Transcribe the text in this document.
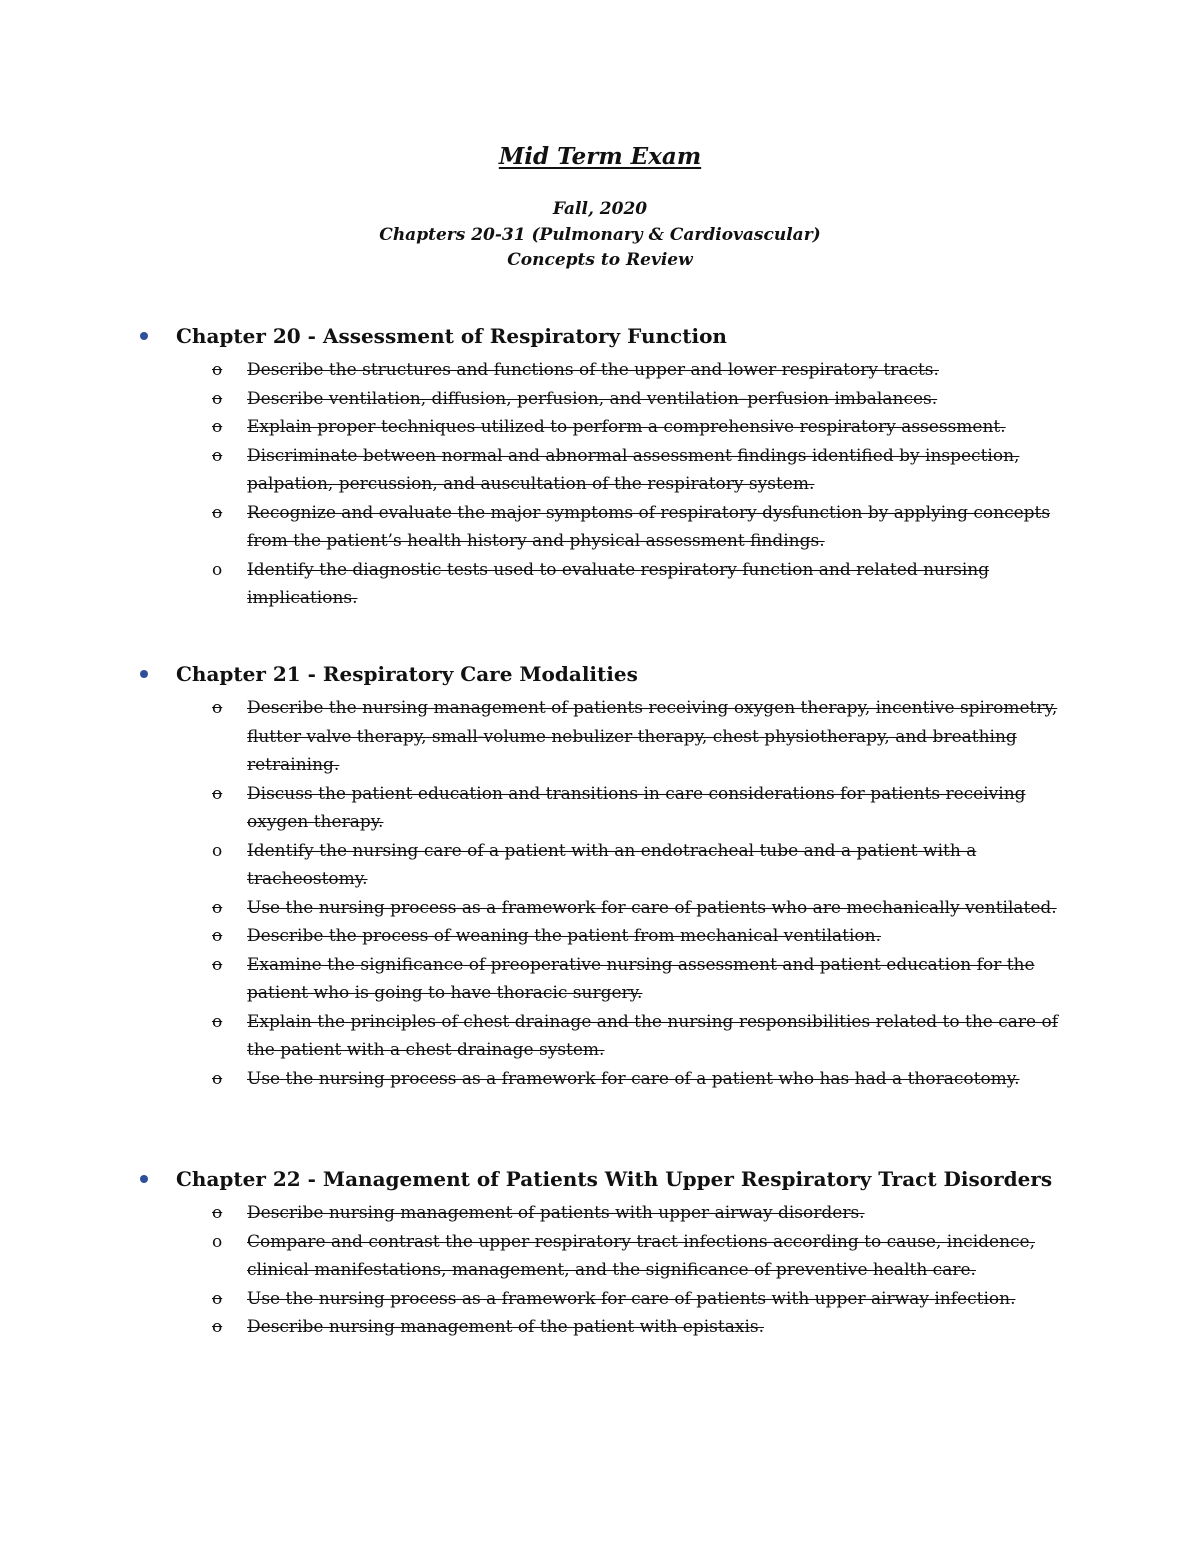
Mid Term Exam
Fall, 2020
Chapters 20-31 (Pulmonary & Cardiovascular)
Concepts to Review
Chapter 20 - Assessment of Respiratory Function
o Describe the structures and functions of the upper and lower respiratory tracts.
o Describe ventilation, diffusion, perfusion, and ventilation–perfusion imbalances.
o Explain proper techniques utilized to perform a comprehensive respiratory assessment.
o Discriminate between normal and abnormal assessment findings identified by inspection, palpation, percussion, and auscultation of the respiratory system.
o Recognize and evaluate the major symptoms of respiratory dysfunction by applying concepts from the patient’s health history and physical assessment findings.
o Identify the diagnostic tests used to evaluate respiratory function and related nursing implications.
Chapter 21 - Respiratory Care Modalities
o Describe the nursing management of patients receiving oxygen therapy, incentive spirometry, flutter valve therapy, small-volume nebulizer therapy, chest physiotherapy, and breathing retraining.
o Discuss the patient education and transitions in care considerations for patients receiving oxygen therapy.
o Identify the nursing care of a patient with an endotracheal tube and a patient with a tracheostomy.
o Use the nursing process as a framework for care of patients who are mechanically ventilated.
o Describe the process of weaning the patient from mechanical ventilation.
o Examine the significance of preoperative nursing assessment and patient education for the patient who is going to have thoracic surgery.
o Explain the principles of chest drainage and the nursing responsibilities related to the care of the patient with a chest drainage system.
o Use the nursing process as a framework for care of a patient who has had a thoracotomy.
Chapter 22 - Management of Patients With Upper Respiratory Tract Disorders
o Describe nursing management of patients with upper airway disorders.
o Compare and contrast the upper respiratory tract infections according to cause, incidence, clinical manifestations, management, and the significance of preventive health care.
o Use the nursing process as a framework for care of patients with upper airway infection.
o Describe nursing management of the patient with epistaxis.
